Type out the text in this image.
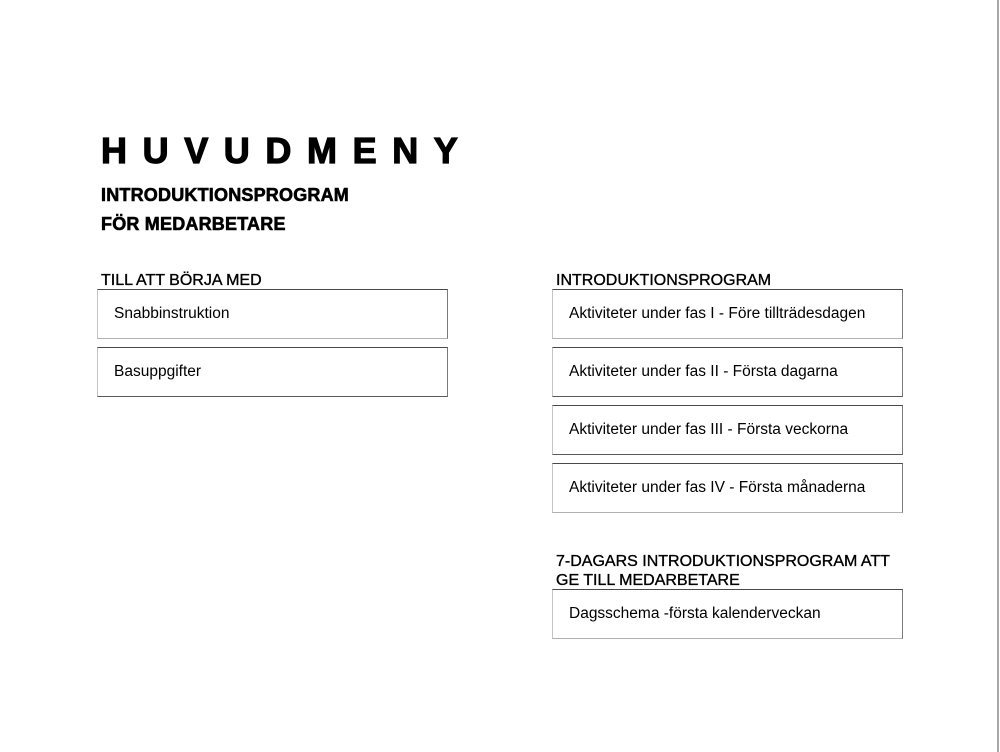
HUVUDMENY

INTRODUKTIONSPROGRAM

FÖR MEDARBETARE

TILL ATT BÖRJA MED
Snabbinstruktion
Basuppgifter
INTRODUKTIONSPROGRAM
Aktiviteter under fas I - Före tillträdesdagen
Aktiviteter under fas II - Första dagarna
Aktiviteter under fas III - Första veckorna
Aktiviteter under fas IV - Första månaderna
7-DAGARS INTRODUKTIONSPROGRAM ATT
GE TILL MEDARBETARE
Dagsschema -första kalenderveckan
